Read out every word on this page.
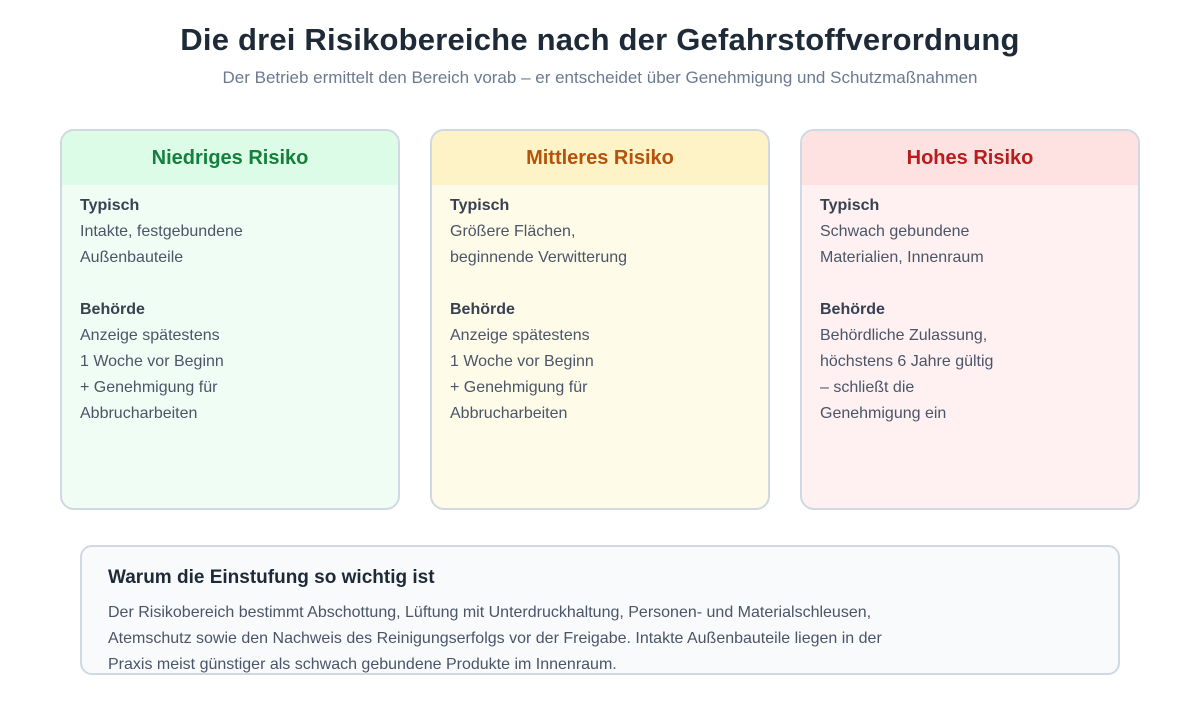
Die drei Risikobereiche nach der Gefahrstoffverordnung
Der Betrieb ermittelt den Bereich vorab – er entscheidet über Genehmigung und Schutzmaßnahmen
Niedriges Risiko
Typisch
Intakte, festgebundene
Außenbauteile
Behörde
Anzeige spätestens
1 Woche vor Beginn
+ Genehmigung für
Abbrucharbeiten
Mittleres Risiko
Typisch
Größere Flächen,
beginnende Verwitterung
Behörde
Anzeige spätestens
1 Woche vor Beginn
+ Genehmigung für
Abbrucharbeiten
Hohes Risiko
Typisch
Schwach gebundene
Materialien, Innenraum
Behörde
Behördliche Zulassung,
höchstens 6 Jahre gültig
– schließt die
Genehmigung ein
Warum die Einstufung so wichtig ist
Der Risikobereich bestimmt Abschottung, Lüftung mit Unterdruckhaltung, Personen- und Materialschleusen,
Atemschutz sowie den Nachweis des Reinigungserfolgs vor der Freigabe. Intakte Außenbauteile liegen in der
Praxis meist günstiger als schwach gebundene Produkte im Innenraum.
